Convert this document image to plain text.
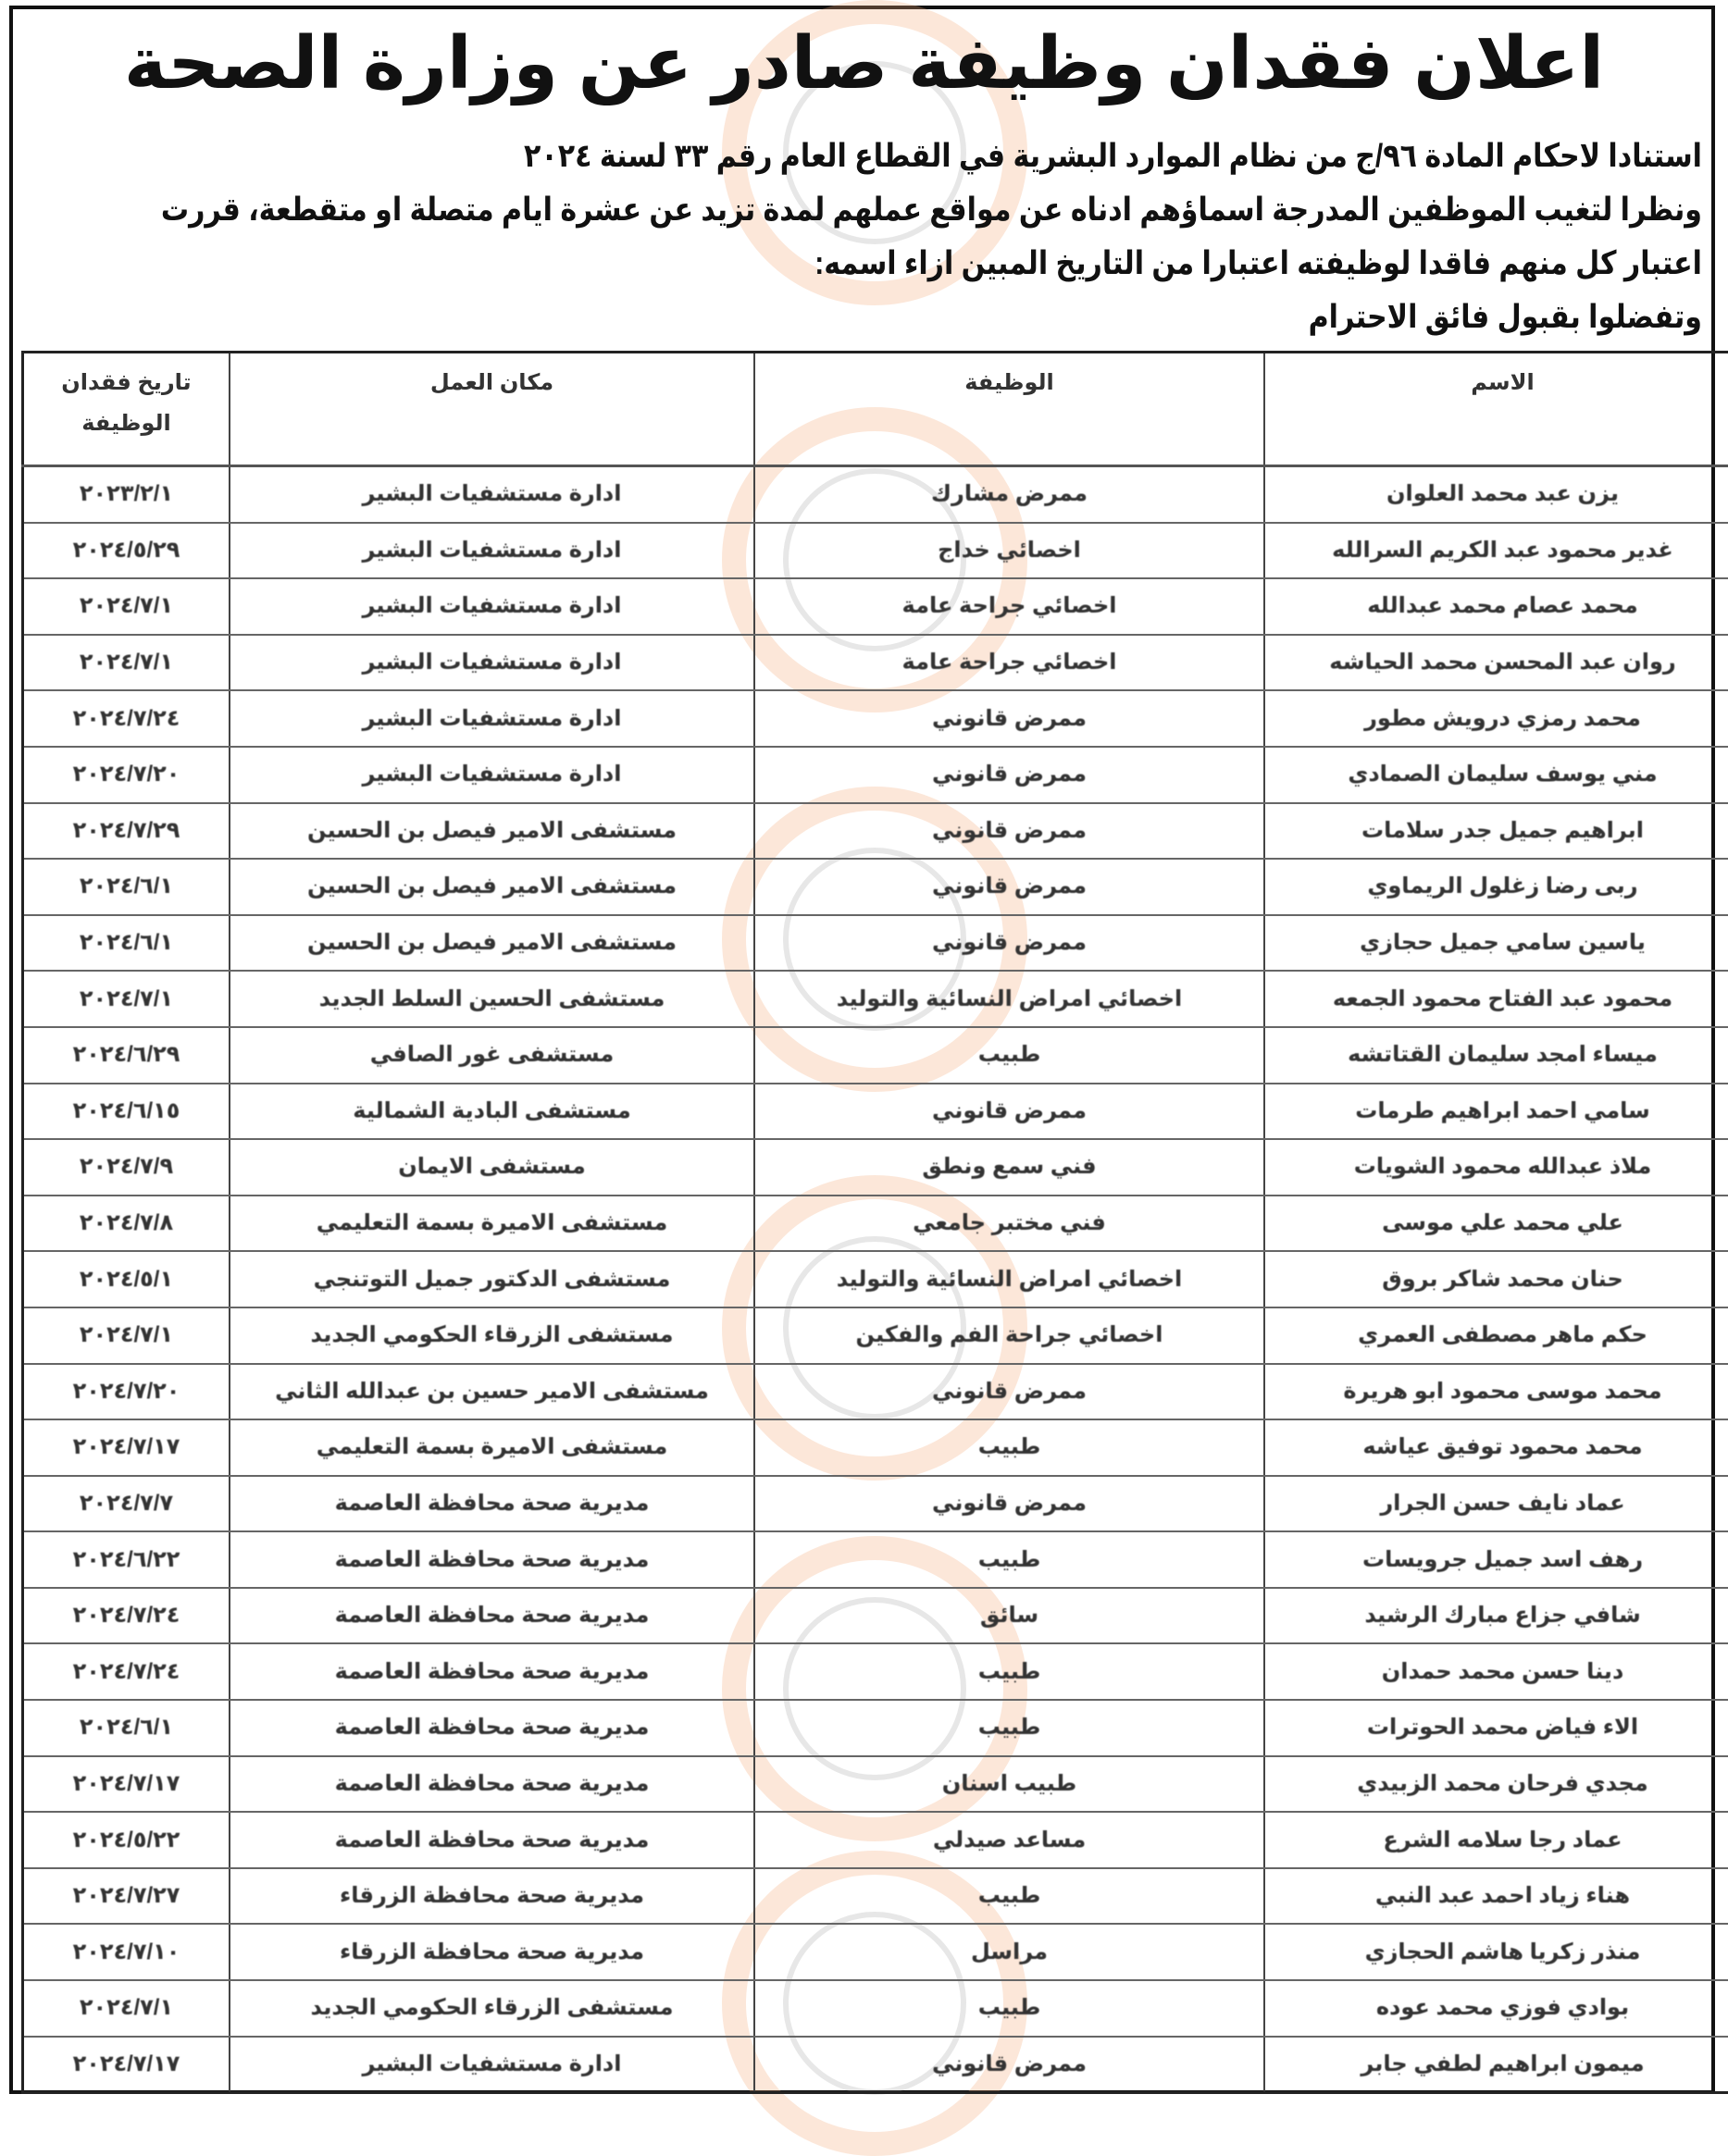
اعلان فقدان وظيفة صادر عن وزارة الصحة
استنادا لاحكام المادة ٩٦/ج من نظام الموارد البشرية في القطاع العام رقم ٣٣ لسنة ٢٠٢٤
ونظرا لتغيب الموظفين المدرجة اسماؤهم ادناه عن مواقع عملهم لمدة تزيد عن عشرة ايام متصلة او متقطعة، قررت
اعتبار كل منهم فاقدا لوظيفته اعتبارا من التاريخ المبين ازاء اسمه:
وتفضلوا بقبول فائق الاحترام
الاسم	الوظيفة	مكان العمل	تاريخ فقدان الوظيفة
يزن عبد محمد العلوان	ممرض مشارك	ادارة مستشفيات البشير	٢٠٢٣/٢/١
غدير محمود عبد الكريم السرالله	اخصائي خداج	ادارة مستشفيات البشير	٢٠٢٤/٥/٢٩
محمد عصام محمد عبدالله	اخصائي جراحة عامة	ادارة مستشفيات البشير	٢٠٢٤/٧/١
روان عبد المحسن محمد الحياشه	اخصائي جراحة عامة	ادارة مستشفيات البشير	٢٠٢٤/٧/١
محمد رمزي درويش مطور	ممرض قانوني	ادارة مستشفيات البشير	٢٠٢٤/٧/٢٤
مني يوسف سليمان الصمادي	ممرض قانوني	ادارة مستشفيات البشير	٢٠٢٤/٧/٢٠
ابراهيم جميل جدر سلامات	ممرض قانوني	مستشفى الامير فيصل بن الحسين	٢٠٢٤/٧/٢٩
ربى رضا زغلول الريماوي	ممرض قانوني	مستشفى الامير فيصل بن الحسين	٢٠٢٤/٦/١
ياسين سامي جميل حجازي	ممرض قانوني	مستشفى الامير فيصل بن الحسين	٢٠٢٤/٦/١
محمود عبد الفتاح محمود الجمعه	اخصائي امراض النسائية والتوليد	مستشفى الحسين السلط الجديد	٢٠٢٤/٧/١
ميساء امجد سليمان القتاتشه	طبيب	مستشفى غور الصافي	٢٠٢٤/٦/٢٩
سامي احمد ابراهيم طرمات	ممرض قانوني	مستشفى البادية الشمالية	٢٠٢٤/٦/١٥
ملاذ عبدالله محمود الشويات	فني سمع ونطق	مستشفى الايمان	٢٠٢٤/٧/٩
علي محمد علي موسى	فني مختبر جامعي	مستشفى الاميرة بسمة التعليمي	٢٠٢٤/٧/٨
حنان محمد شاكر بروق	اخصائي امراض النسائية والتوليد	مستشفى الدكتور جميل التوتنجي	٢٠٢٤/٥/١
حكم ماهر مصطفى العمري	اخصائي جراحة الفم والفكين	مستشفى الزرقاء الحكومي الجديد	٢٠٢٤/٧/١
محمد موسى محمود ابو هريرة	ممرض قانوني	مستشفى الامير حسين بن عبدالله الثاني	٢٠٢٤/٧/٢٠
محمد محمود توفيق عياشه	طبيب	مستشفى الاميرة بسمة التعليمي	٢٠٢٤/٧/١٧
عماد نايف حسن الجرار	ممرض قانوني	مديرية صحة محافظة العاصمة	٢٠٢٤/٧/٧
رهف اسد جميل جرويسات	طبيب	مديرية صحة محافظة العاصمة	٢٠٢٤/٦/٢٢
شافي جزاع مبارك الرشيد	سائق	مديرية صحة محافظة العاصمة	٢٠٢٤/٧/٢٤
دينا حسن محمد حمدان	طبيب	مديرية صحة محافظة العاصمة	٢٠٢٤/٧/٢٤
الاء فياض محمد الحوترات	طبيب	مديرية صحة محافظة العاصمة	٢٠٢٤/٦/١
مجدي فرحان محمد الزبيدي	طبيب اسنان	مديرية صحة محافظة العاصمة	٢٠٢٤/٧/١٧
عماد رجا سلامه الشرع	مساعد صيدلي	مديرية صحة محافظة العاصمة	٢٠٢٤/٥/٢٢
هناء زياد احمد عبد النبي	طبيب	مديرية صحة محافظة الزرقاء	٢٠٢٤/٧/٢٧
منذر زكريا هاشم الحجازي	مراسل	مديرية صحة محافظة الزرقاء	٢٠٢٤/٧/١٠
بوادي فوزي محمد عوده	طبيب	مستشفى الزرقاء الحكومي الجديد	٢٠٢٤/٧/١
ميمون ابراهيم لطفي جابر	ممرض قانوني	ادارة مستشفيات البشير	٢٠٢٤/٧/١٧
